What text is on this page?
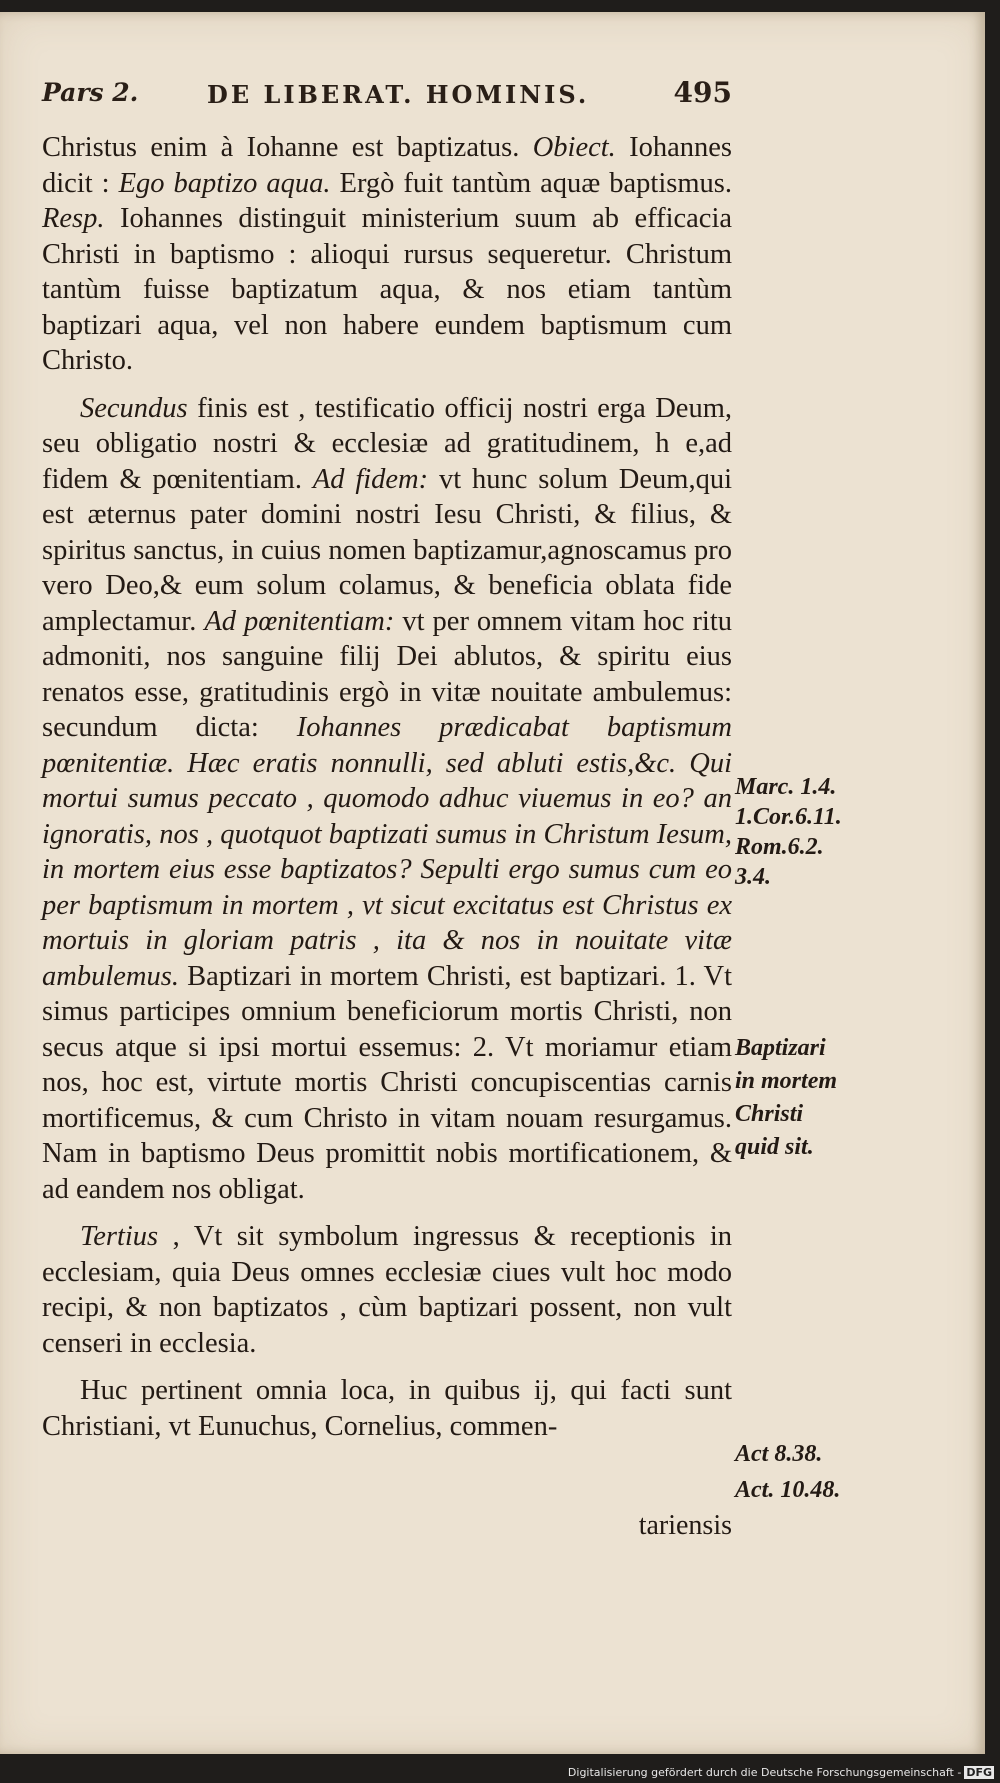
Pars 2.	DE LIBERAT. HOMINIS.	495

Christus enim à Iohanne est baptizatus. Obiect. Iohannes dicit : Ego baptizo aqua. Ergò fuit tantùm aquæ baptismus. Resp. Iohannes distinguit ministerium suum ab efficacia Christi in baptismo : alioqui rursus sequeretur. Christum tantùm fuisse baptizatum aqua, & nos etiam tantùm baptizari aqua, vel non habere eundem baptismum cum Christo.

Secundus finis est , testificatio officij nostri erga Deum, seu obligatio nostri & ecclesiæ ad gratitudinem, h e,ad fidem & pœnitentiam. Ad fidem: vt hunc solum Deum,qui est æternus pater domini nostri Iesu Christi, & filius, & spiritus sanctus, in cuius nomen baptizamur,agnoscamus pro vero Deo,& eum solum colamus, & beneficia oblata fide amplectamur. Ad pœnitentiam: vt per omnem vitam hoc ritu admoniti, nos sanguine filij Dei ablutos, & spiritu eius renatos esse, gratitudinis ergò in vitæ nouitate ambulemus: secundum dicta: Iohannes prædicabat baptismum pœnitentiæ. Hæc eratis nonnulli, sed abluti estis,&c. Qui mortui sumus peccato , quomodo adhuc viuemus in eo? an ignoratis, nos , quotquot baptizati sumus in Christum Iesum, in mortem eius esse baptizatos? Sepulti ergo sumus cum eo per baptismum in mortem , vt sicut excitatus est Christus ex mortuis in gloriam patris , ita & nos in nouitate vitæ ambulemus. Baptizari in mortem Christi, est baptizari. 1. Vt simus participes omnium beneficiorum mortis Christi, non secus atque si ipsi mortui essemus: 2. Vt moriamur etiam nos, hoc est, virtute mortis Christi concupiscentias carnis mortificemus, & cum Christo in vitam nouam resurgamus. Nam in baptismo Deus promittit nobis mortificationem, & ad eandem nos obligat.

Tertius , Vt sit symbolum ingressus & receptionis in ecclesiam, quia Deus omnes ecclesiæ ciues vult hoc modo recipi, & non baptizatos , cùm baptizari possent, non vult censeri in ecclesia.

Huc pertinent omnia loca, in quibus ij, qui facti sunt Christiani, vt Eunuchus, Cornelius, commen-

tariensis
Marc. 1.4.
1.Cor.6.11.
Rom.6.2.
3.4.
Baptizari
in mortem
Christi
quid sit.
Act 8.38.
Act. 10.48.
Digitalisierung gefördert durch die Deutsche Forschungsgemeinschaft - DFG
